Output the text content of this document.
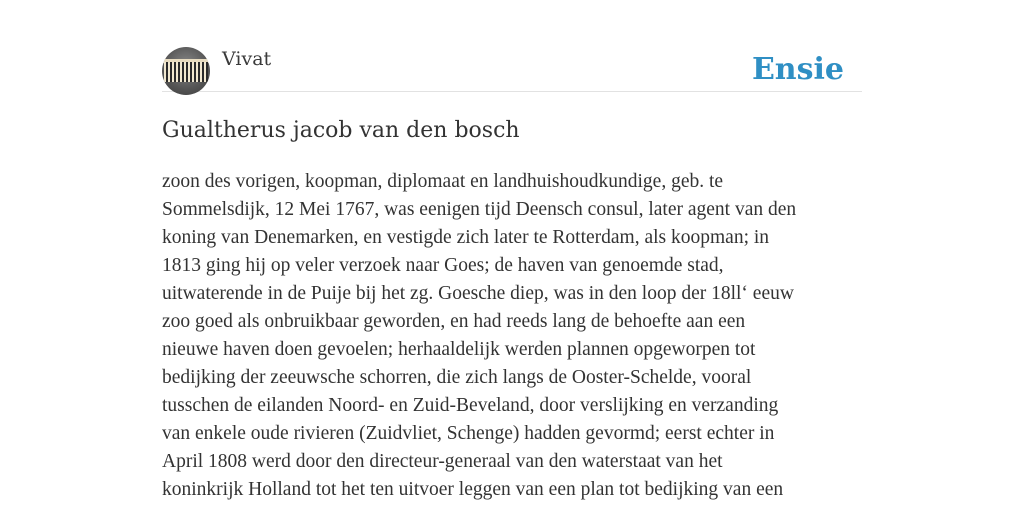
Vivat	Ensie
Gualtherus jacob van den bosch
zoon des vorigen, koopman, diplomaat en landhuishoudkundige, geb. te
Sommelsdijk, 12 Mei 1767, was eenigen tijd Deensch consul, later agent van den
koning van Denemarken, en vestigde zich later te Rotterdam, als koopman; in
1813 ging hij op veler verzoek naar Goes; de haven van genoemde stad,
uitwaterende in de Puije bij het zg. Goesche diep, was in den loop der 18ll‘ eeuw
zoo goed als onbruikbaar geworden, en had reeds lang de behoefte aan een
nieuwe haven doen gevoelen; herhaaldelijk werden plannen opgeworpen tot
bedijking der zeeuwsche schorren, die zich langs de Ooster-Schelde, vooral
tusschen de eilanden Noord- en Zuid-Beveland, door verslijking en verzanding
van enkele oude rivieren (Zuidvliet, Schenge) hadden gevormd; eerst echter in
April 1808 werd door den directeur-generaal van den waterstaat van het
koninkrijk Holland tot het ten uitvoer leggen van een plan tot bedijking van een
